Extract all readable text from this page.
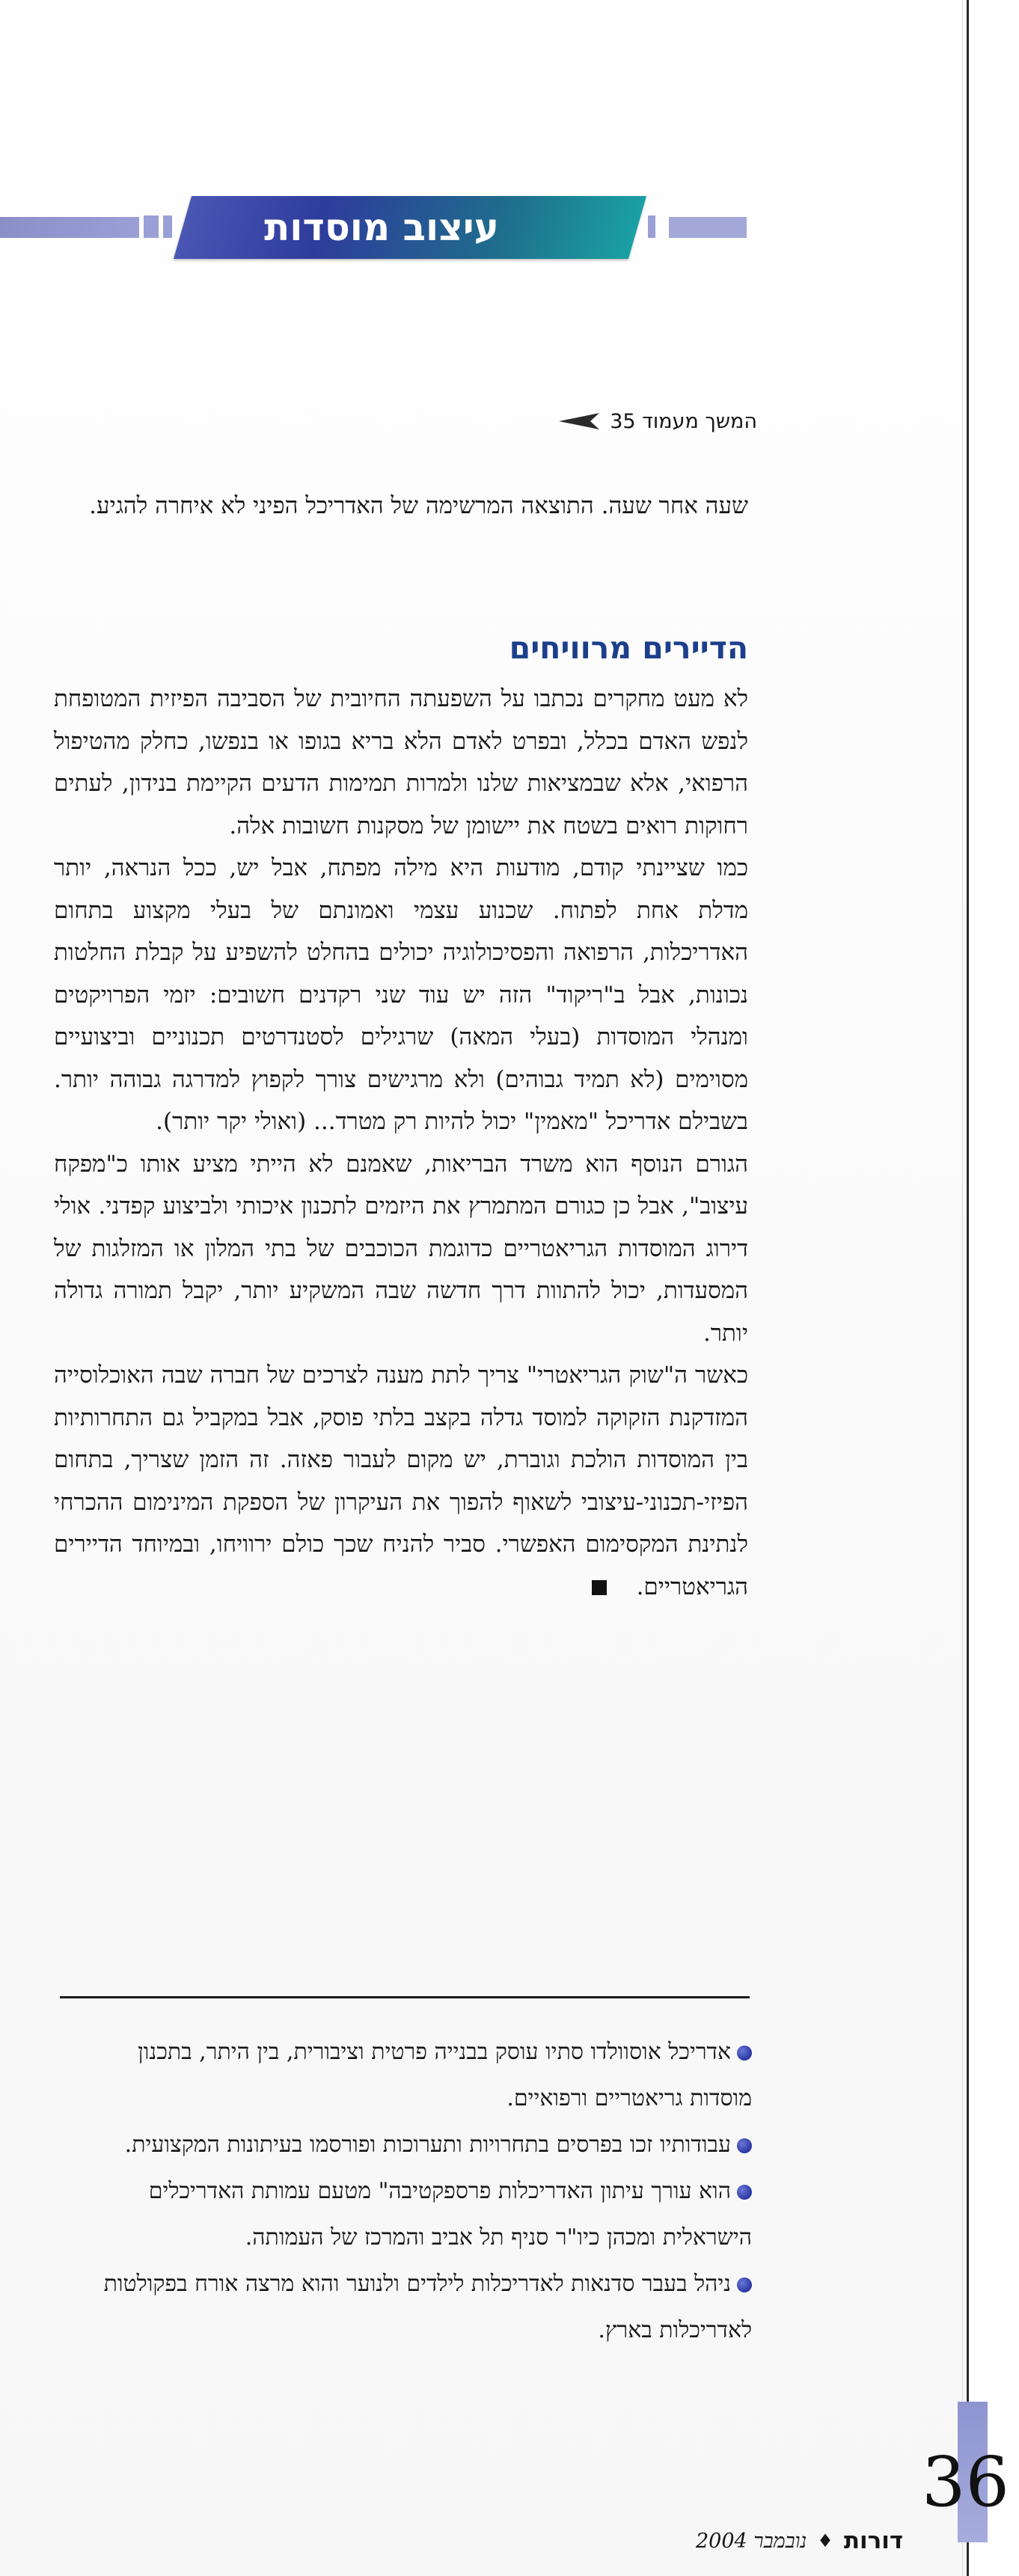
עיצוב מוסדות
המשך מעמוד 35
שעה אחר שעה. התוצאה המרשימה של האדריכל הפיני לא איחרה להגיע.
הדיירים מרוויחים

לא מעט מחקרים נכתבו על השפעתה החיובית של הסביבה הפיזית המטופחת לנפש האדם בכלל, ובפרט לאדם הלא בריא בגופו או בנפשו, כחלק מהטיפול הרפואי, אלא שבמציאות שלנו ולמרות תמימות הדעים הקיימת בנידון, לעתים רחוקות רואים בשטח את יישומן של מסקנות חשובות אלה.

כמו שציינתי קודם, מודעות היא מילה מפתח, אבל יש, ככל הנראה, יותר מדלת אחת לפתוח. שכנוע עצמי ואמונתם של בעלי מקצוע בתחום האדריכלות, הרפואה והפסיכולוגיה יכולים בהחלט להשפיע על קבלת החלטות נכונות, אבל ב"ריקוד" הזה יש עוד שני רקדנים חשובים: יזמי הפרויקטים ומנהלי המוסדות (בעלי המאה) שרגילים לסטנדרטים תכנוניים וביצועיים מסוימים (לא תמיד גבוהים) ולא מרגישים צורך לקפוץ למדרגה גבוהה יותר. בשבילם אדריכל "מאמין" יכול להיות רק מטרד... (ואולי יקר יותר).

הגורם הנוסף הוא משרד הבריאות, שאמנם לא הייתי מציע אותו כ"מפקח עיצוב", אבל כן כגורם המתמרץ את היזמים לתכנון איכותי ולביצוע קפדני. אולי דירוג המוסדות הגריאטריים כדוגמת הכוכבים של בתי המלון או המזלגות של המסעדות, יכול להתוות דרך חדשה שבה המשקיע יותר, יקבל תמורה גדולה יותר.

כאשר ה"שוק הגריאטרי" צריך לתת מענה לצרכים של חברה שבה האוכלוסייה המזדקנת הזקוקה למוסד גדלה בקצב בלתי פוסק, אבל במקביל גם התחרותיות בין המוסדות הולכת וגוברת, יש מקום לעבור פאזה. זה הזמן שצריך, בתחום הפיזי-תכנוני-עיצובי לשאוף להפוך את העיקרון של הספקת המינימום ההכרחי לנתינת המקסימום האפשרי. סביר להניח שכך כולם ירוויחו, ובמיוחד הדיירים הגריאטריים.

אדריכל אוסוולדו סתיו עוסק בבנייה פרטית וציבורית, בין היתר, בתכנון מוסדות גריאטריים ורפואיים.
עבודותיו זכו בפרסים בתחרויות ותערוכות ופורסמו בעיתונות המקצועית.
הוא עורך עיתון האדריכלות פרספקטיבה" מטעם עמותת האדריכלים הישראלית ומכהן כיו"ר סניף תל אביב והמרכז של העמותה.
ניהל בעבר סדנאות לאדריכלות לילדים ולנוער והוא מרצה אורח בפקולטות לאדריכלות בארץ.
36
דורות
♦
נובמבר 2004
